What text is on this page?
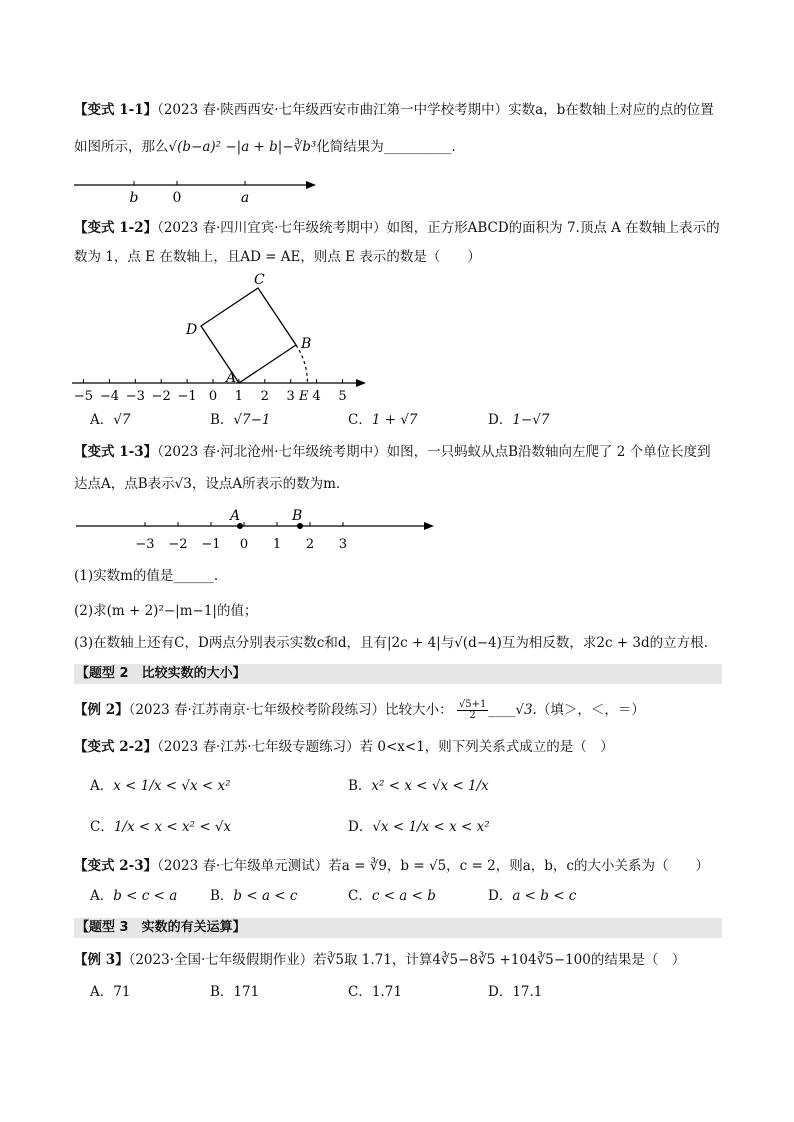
【变式 1-1】（2023 春·陕西西安·七年级西安市曲江第一中学校考期中）实数a，b在数轴上对应的点的位置
如图所示，那么√(b−a)² −|a + b|−∛b³化简结果为__________.
b 0	a
【变式 1-2】（2023 春·四川宜宾·七年级统考期中）如图，正方形ABCD的面积为 7.顶点 A 在数轴上表示的
数为 1，点 E 在数轴上，且AD = AE，则点 E 表示的数是（　　）
−5 −4 −3 −2 −1 0 1 2 3 4 5
A
B
C
D
E
A．√7	B．√7−1	C．1 + √7	D．1−√7
【变式 1-3】（2023 春·河北沧州·七年级统考期中）如图，一只蚂蚁从点B沿数轴向左爬了 2 个单位长度到
达点A，点B表示√3，设点A所表示的数为m.
−3 −2 −1 0 1 2 3
A	B
(1)实数m的值是______.
(2)求(m + 2)²−|m−1|的值；
(3)在数轴上还有C，D两点分别表示实数c和d，且有|2c + 4|与√(d−4)互为相反数，求2c + 3d的立方根.
【题型 2　比较实数的大小】
【例 2】（2023 春·江苏南京·七年级校考阶段练习）比较大小： $\frac{√5+1}{2}$ ____√3.（填＞，＜，＝）
【变式 2-2】（2023 春·江苏·七年级专题练习）若 0<x<1，则下列关系式成立的是（　）
A．x < 1/x < √x < x²	B．x² < x < √x < 1/x
C．1/x < x < x² < √x	D．√x < 1/x < x < x²
【变式 2-3】（2023 春·七年级单元测试）若a = ∛9，b = √5，c = 2，则a，b，c的大小关系为（　　）
A．b < c < a B．b < a < c	C．c < a < b	D．a < b < c
【题型 3　实数的有关运算】
【例 3】（2023·全国·七年级假期作业）若∛5取 1.71，计算4∛5−8∛5 +104∛5−100的结果是（　）
A．71	B．171	C．1.71	D．17.1
